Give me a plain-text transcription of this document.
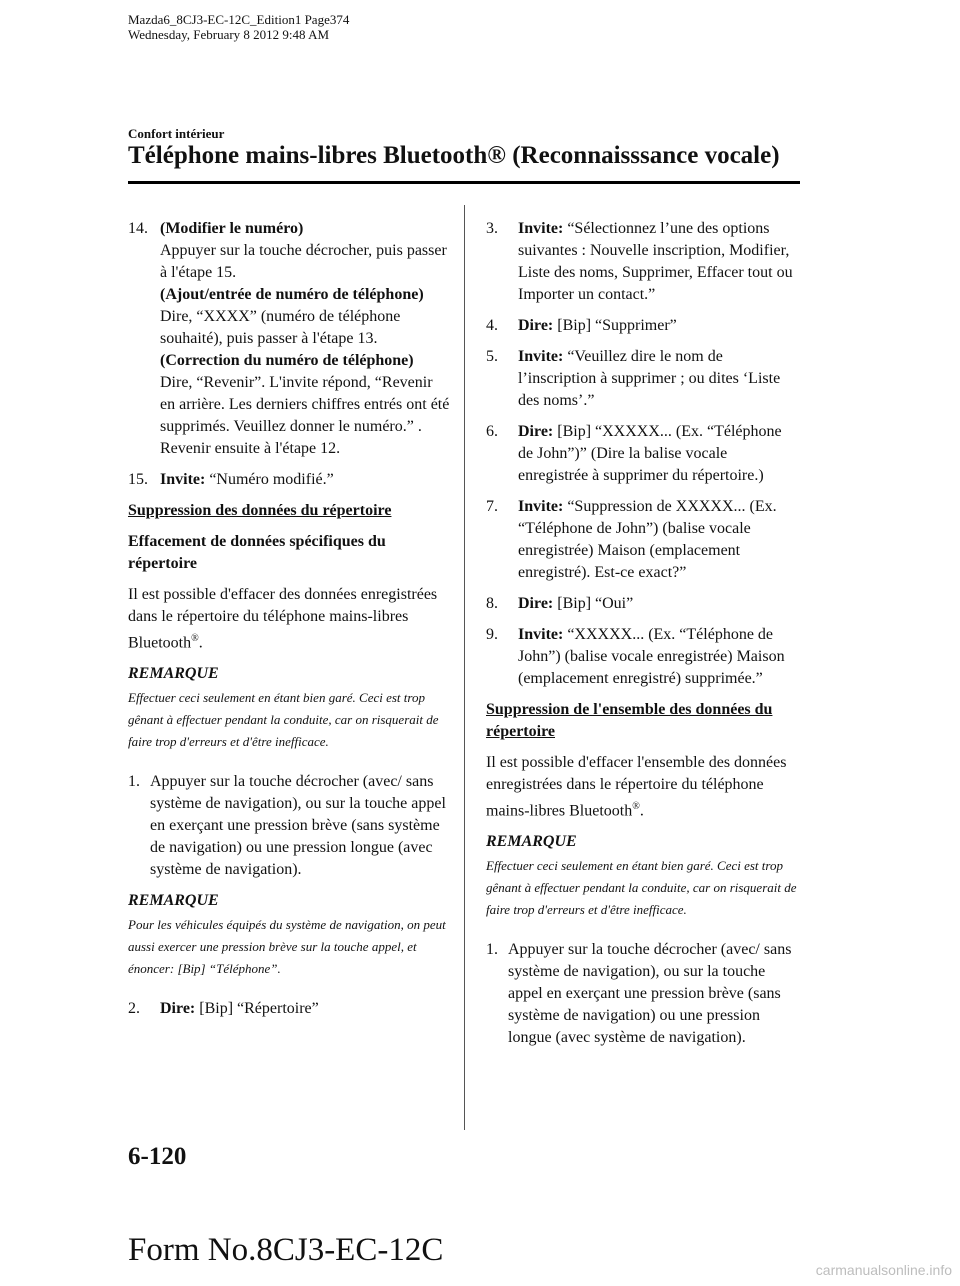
Mazda6_8CJ3-EC-12C_Edition1 Page374
Wednesday, February 8 2012 9:48 AM
Confort intérieur
Téléphone mains-libres Bluetooth® (Reconnaisssance vocale)
14. (Modifier le numéro)
Appuyer sur la touche décrocher, puis passer à l'étape 15.
(Ajout/entrée de numéro de téléphone)
Dire, “XXXX” (numéro de téléphone souhaité), puis passer à l'étape 13.
(Correction du numéro de téléphone)
Dire, “Revenir”. L'invite répond, “Revenir en arrière. Les derniers chiffres entrés ont été supprimés. Veuillez donner le numéro.” . Revenir ensuite à l'étape 12.
15. Invite: “Numéro modifié.”
Suppression des données du répertoire
Effacement de données spécifiques du répertoire
Il est possible d'effacer des données enregistrées dans le répertoire du téléphone mains-libres Bluetooth®.
REMARQUE
Effectuer ceci seulement en étant bien garé. Ceci est trop gênant à effectuer pendant la conduite, car on risquerait de faire trop d'erreurs et d'être inefficace.
1. Appuyer sur la touche décrocher (avec/ sans système de navigation), ou sur la touche appel en exerçant une pression brève (sans système de navigation) ou une pression longue (avec système de navigation).
REMARQUE
Pour les véhicules équipés du système de navigation, on peut aussi exercer une pression brève sur la touche appel, et énoncer: [Bip] “Téléphone”.
2.	Dire: [Bip] “Répertoire”
3.	Invite: “Sélectionnez l’une des options suivantes : Nouvelle inscription, Modifier, Liste des noms, Supprimer, Effacer tout ou Importer un contact.”
4.	Dire: [Bip] “Supprimer”
5.	Invite: “Veuillez dire le nom de l’inscription à supprimer ; ou dites ‘Liste des noms’.”
6.	Dire: [Bip] “XXXXX... (Ex. “Téléphone de John”)” (Dire la balise vocale enregistrée à supprimer du répertoire.)
7.	Invite: “Suppression de XXXXX... (Ex. “Téléphone de John”) (balise vocale enregistrée) Maison (emplacement enregistré). Est-ce exact?”
8.	Dire: [Bip] “Oui”
9.	Invite: “XXXXX... (Ex. “Téléphone de John”) (balise vocale enregistrée) Maison (emplacement enregistré) supprimée.”
Suppression de l'ensemble des données du répertoire
Il est possible d'effacer l'ensemble des données enregistrées dans le répertoire du téléphone mains-libres Bluetooth®.
REMARQUE
Effectuer ceci seulement en étant bien garé. Ceci est trop gênant à effectuer pendant la conduite, car on risquerait de faire trop d'erreurs et d'être inefficace.
1. Appuyer sur la touche décrocher (avec/ sans système de navigation), ou sur la touche appel en exerçant une pression brève (sans système de navigation) ou une pression longue (avec système de navigation).
6-120
Form No.8CJ3-EC-12C
carmanualsonline.info
